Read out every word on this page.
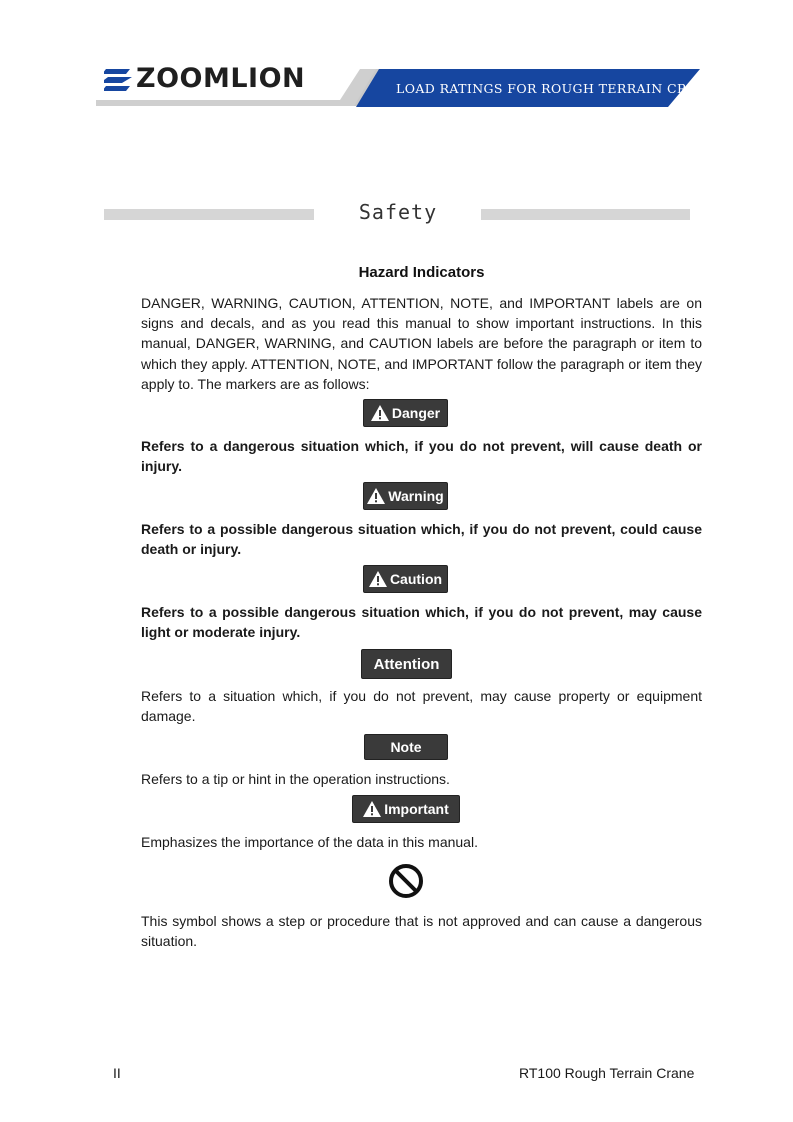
ZOOMLION	LOAD RATINGS FOR ROUGH TERRAIN CRANE
Safety
Hazard Indicators
DANGER, WARNING, CAUTION, ATTENTION, NOTE, and IMPORTANT labels are on signs and decals, and as you read this manual to show important instructions. In this manual, DANGER, WARNING, and CAUTION labels are before the paragraph or item to which they apply. ATTENTION, NOTE, and IMPORTANT follow the paragraph or item they apply to. The markers are as follows:
Danger
Refers to a dangerous situation which, if you do not prevent, will cause death or injury.
Warning
Refers to a possible dangerous situation which, if you do not prevent, could cause death or injury.
Caution
Refers to a possible dangerous situation which, if you do not prevent, may cause light or moderate injury.
Attention
Refers to a situation which, if you do not prevent, may cause property or equipment damage.
Note
Refers to a tip or hint in the operation instructions.
Important
Emphasizes the importance of the data in this manual.
This symbol shows a step or procedure that is not approved and can cause a dangerous situation.
II	RT100 Rough Terrain Crane
